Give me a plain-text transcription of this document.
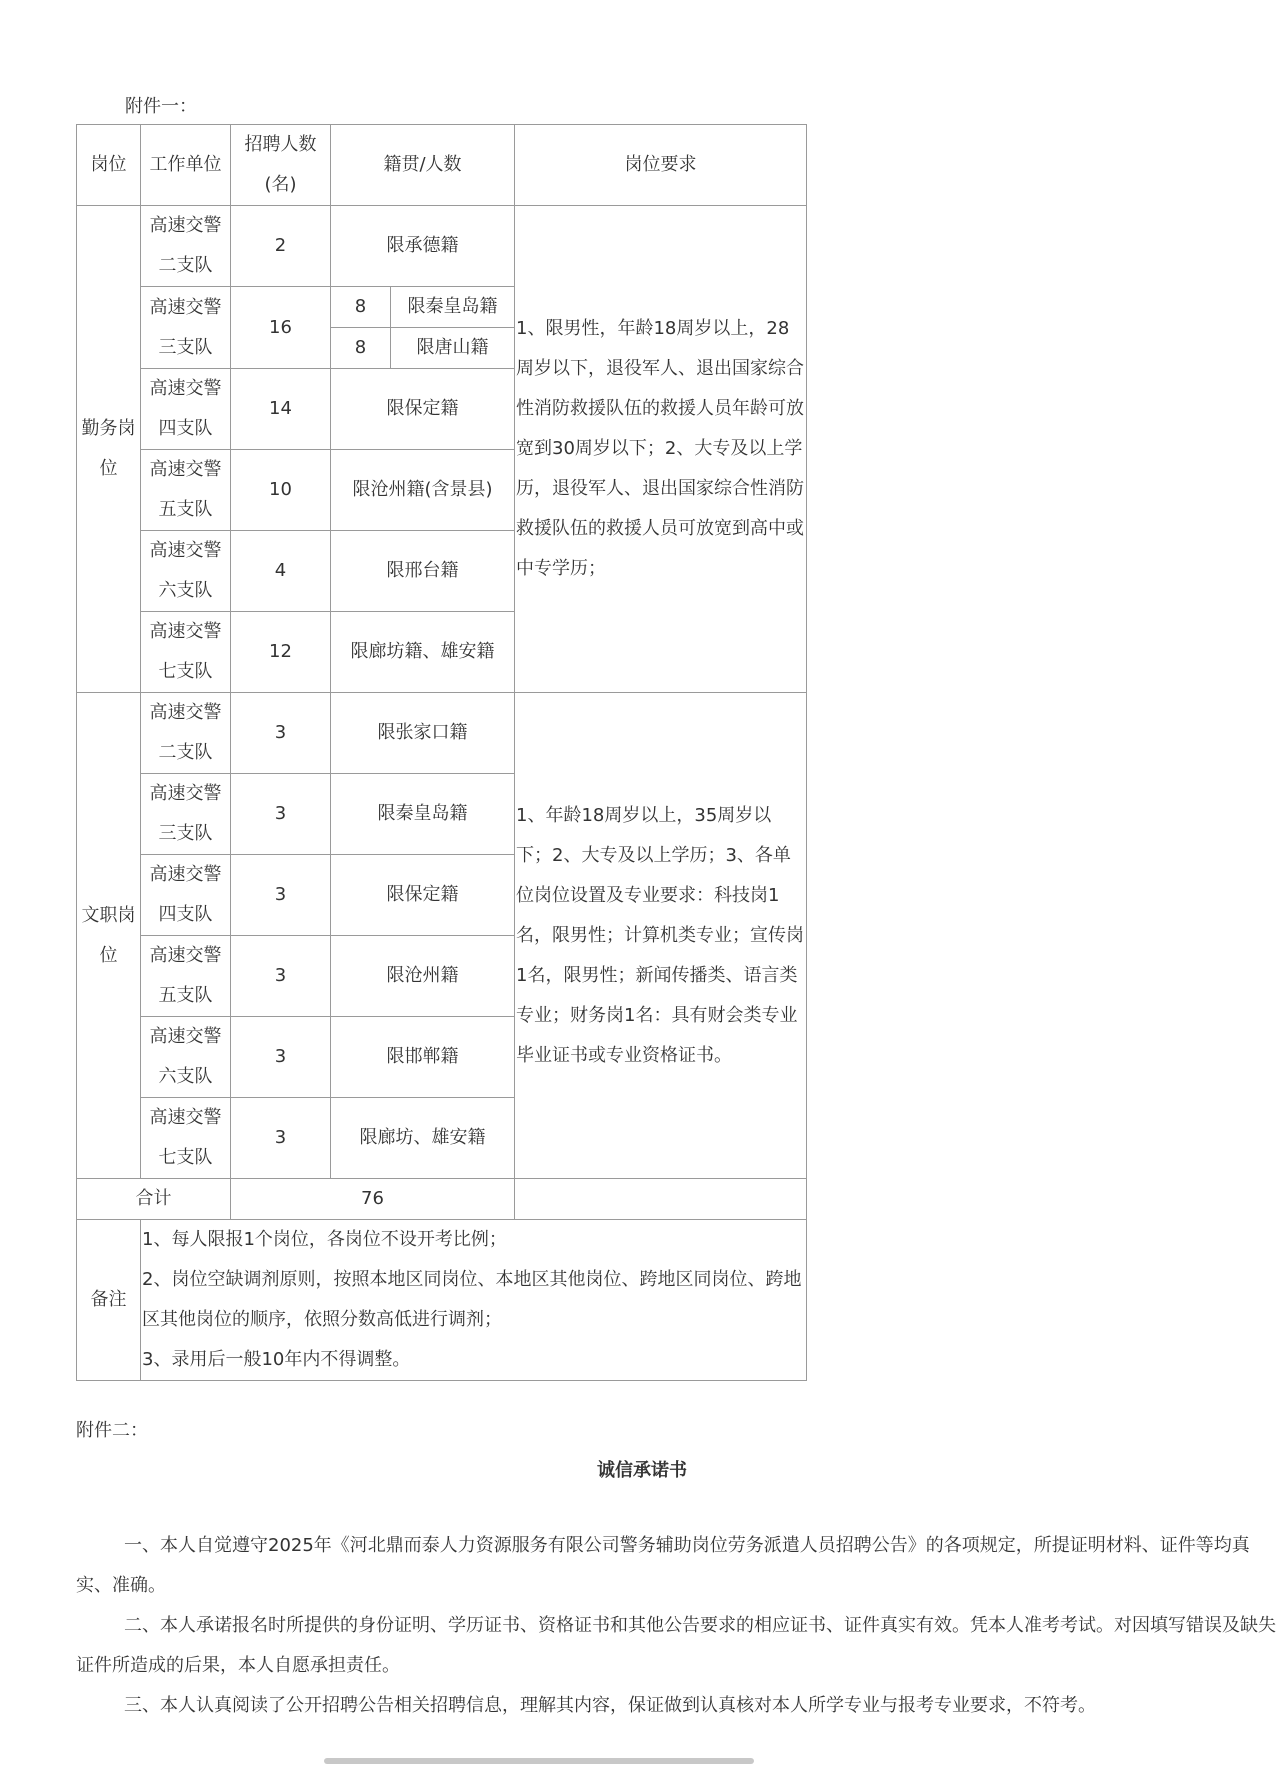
附件一：
岗位	工作单位	招聘人数(名)	籍贯/人数		岗位要求
勤务岗位	高速交警二支队	2	限承德籍		1、限男性，年龄18周岁以上，28周岁以下，退役军人、退出国家综合性消防救援队伍的救援人员年龄可放宽到30周岁以下；2、大专及以上学历，退役军人、退出国家综合性消防救援队伍的救援人员可放宽到高中或中专学历；
	高速交警三支队	16	8	限秦皇岛籍	
			8	限唐山籍	
	高速交警四支队	14	限保定籍		
	高速交警五支队	10	限沧州籍(含景县)		
	高速交警六支队	4	限邢台籍		
	高速交警七支队	12	限廊坊籍、雄安籍		
文职岗位	高速交警二支队	3	限张家口籍		1、年龄18周岁以上，35周岁以下；2、大专及以上学历；3、各单位岗位设置及专业要求：科技岗1名，限男性；计算机类专业；宣传岗1名，限男性；新闻传播类、语言类专业；财务岗1名：具有财会类专业毕业证书或专业资格证书。
	高速交警三支队	3	限秦皇岛籍		
	高速交警四支队	3	限保定籍		
	高速交警五支队	3	限沧州籍		
	高速交警六支队	3	限邯郸籍		
	高速交警七支队	3	限廊坊、雄安籍		
合计		76			
备注	1、每人限报1个岗位，各岗位不设开考比例；
2、岗位空缺调剂原则，按照本地区同岗位、本地区其他岗位、跨地区同岗位、跨地区其他岗位的顺序，依照分数高低进行调剂；
3、录用后一般10年内不得调整。				
附件二：
诚信承诺书
一、本人自觉遵守2025年《河北鼎而泰人力资源服务有限公司警务辅助岗位劳务派遣人员招聘公告》的各项规定，所提证明材料、证件等均真实、准确。
二、本人承诺报名时所提供的身份证明、学历证书、资格证书和其他公告要求的相应证书、证件真实有效。凭本人准考考试。对因填写错误及缺失证件所造成的后果，本人自愿承担责任。
三、本人认真阅读了公开招聘公告相关招聘信息，理解其内容，保证做到认真核对本人所学专业与报考专业要求，不符考。
